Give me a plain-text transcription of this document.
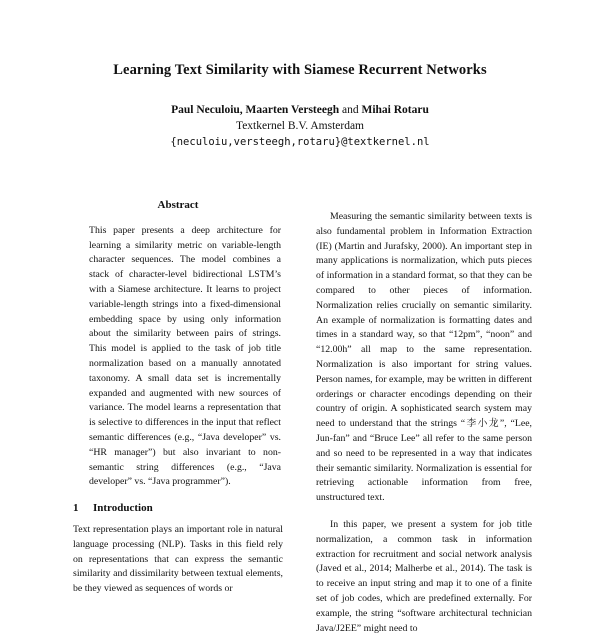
Learning Text Similarity with Siamese Recurrent Networks
Paul Neculoiu, Maarten Versteegh and Mihai Rotaru
Textkernel B.V. Amsterdam
{neculoiu,versteegh,rotaru}@textkernel.nl
Abstract

This paper presents a deep architecture for learning a similarity metric on variable-length character sequences. The model combines a stack of character-level bidirectional LSTM’s with a Siamese architecture. It learns to project variable-length strings into a fixed-dimensional embedding space by using only information about the similarity between pairs of strings. This model is applied to the task of job title normalization based on a manually annotated taxonomy. A small data set is incrementally expanded and augmented with new sources of variance. The model learns a representation that is selective to differences in the input that reflect semantic differences (e.g., “Java developer” vs. “HR manager”) but also invariant to non-semantic string differences (e.g., “Java developer” vs. “Java programmer”).

1 Introduction

Text representation plays an important role in natural language processing (NLP). Tasks in this field rely on representations that can express the semantic similarity and dissimilarity between textual elements, be they viewed as sequences of words or

Measuring the semantic similarity between texts is also fundamental problem in Information Extraction (IE) (Martin and Jurafsky, 2000). An important step in many applications is normalization, which puts pieces of information in a standard format, so that they can be compared to other pieces of information. Normalization relies crucially on semantic similarity. An example of normalization is formatting dates and times in a standard way, so that “12pm”, “noon” and “12.00h” all map to the same representation. Normalization is also important for string values. Person names, for example, may be written in different orderings or character encodings depending on their country of origin. A sophisticated search system may need to understand that the strings “李小龙”, “Lee, Jun-fan” and “Bruce Lee” all refer to the same person and so need to be represented in a way that indicates their semantic similarity. Normalization is essential for retrieving actionable information from free, unstructured text.

In this paper, we present a system for job title normalization, a common task in information extraction for recruitment and social network analysis (Javed et al., 2014; Malherbe et al., 2014). The task is to receive an input string and map it to one of a finite set of job codes, which are predefined externally. For example, the string “software architectural technician Java/J2EE” might need to
